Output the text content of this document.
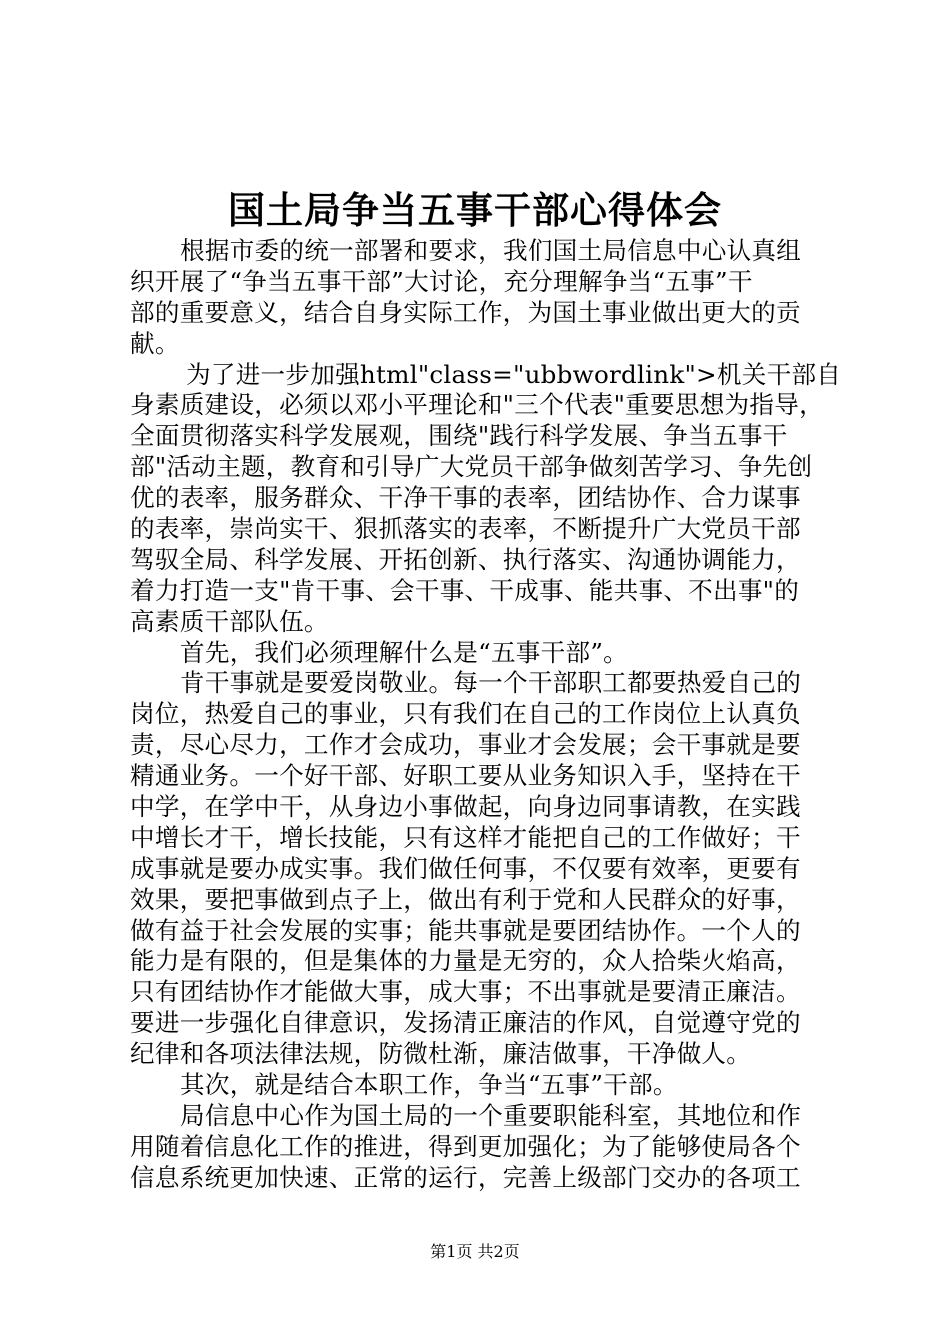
国土局争当五事干部心得体会
根据市委的统一部署和要求，我们国土局信息中心认真组
织开展了“争当五事干部”大讨论，充分理解争当“五事”干
部的重要意义，结合自身实际工作，为国土事业做出更大的贡
献。
为了进一步加强html"class="ubbwordlink">机关干部自
身素质建设，必须以邓小平理论和"三个代表"重要思想为指导，
全面贯彻落实科学发展观，围绕"践行科学发展、争当五事干
部"活动主题，教育和引导广大党员干部争做刻苦学习、争先创
优的表率，服务群众、干净干事的表率，团结协作、合力谋事
的表率，崇尚实干、狠抓落实的表率，不断提升广大党员干部
驾驭全局、科学发展、开拓创新、执行落实、沟通协调能力，
着力打造一支"肯干事、会干事、干成事、能共事、不出事"的
高素质干部队伍。
首先，我们必须理解什么是“五事干部”。
肯干事就是要爱岗敬业。每一个干部职工都要热爱自己的
岗位，热爱自己的事业，只有我们在自己的工作岗位上认真负
责，尽心尽力，工作才会成功，事业才会发展；会干事就是要
精通业务。一个好干部、好职工要从业务知识入手，坚持在干
中学，在学中干，从身边小事做起，向身边同事请教，在实践
中增长才干，增长技能，只有这样才能把自己的工作做好；干
成事就是要办成实事。我们做任何事，不仅要有效率，更要有
效果，要把事做到点子上，做出有利于党和人民群众的好事，
做有益于社会发展的实事；能共事就是要团结协作。一个人的
能力是有限的，但是集体的力量是无穷的，众人拾柴火焰高，
只有团结协作才能做大事，成大事；不出事就是要清正廉洁。
要进一步强化自律意识，发扬清正廉洁的作风，自觉遵守党的
纪律和各项法律法规，防微杜渐，廉洁做事，干净做人。
其次，就是结合本职工作，争当“五事”干部。
局信息中心作为国土局的一个重要职能科室，其地位和作
用随着信息化工作的推进，得到更加强化；为了能够使局各个
信息系统更加快速、正常的运行，完善上级部门交办的各项工
第1页 共2页
